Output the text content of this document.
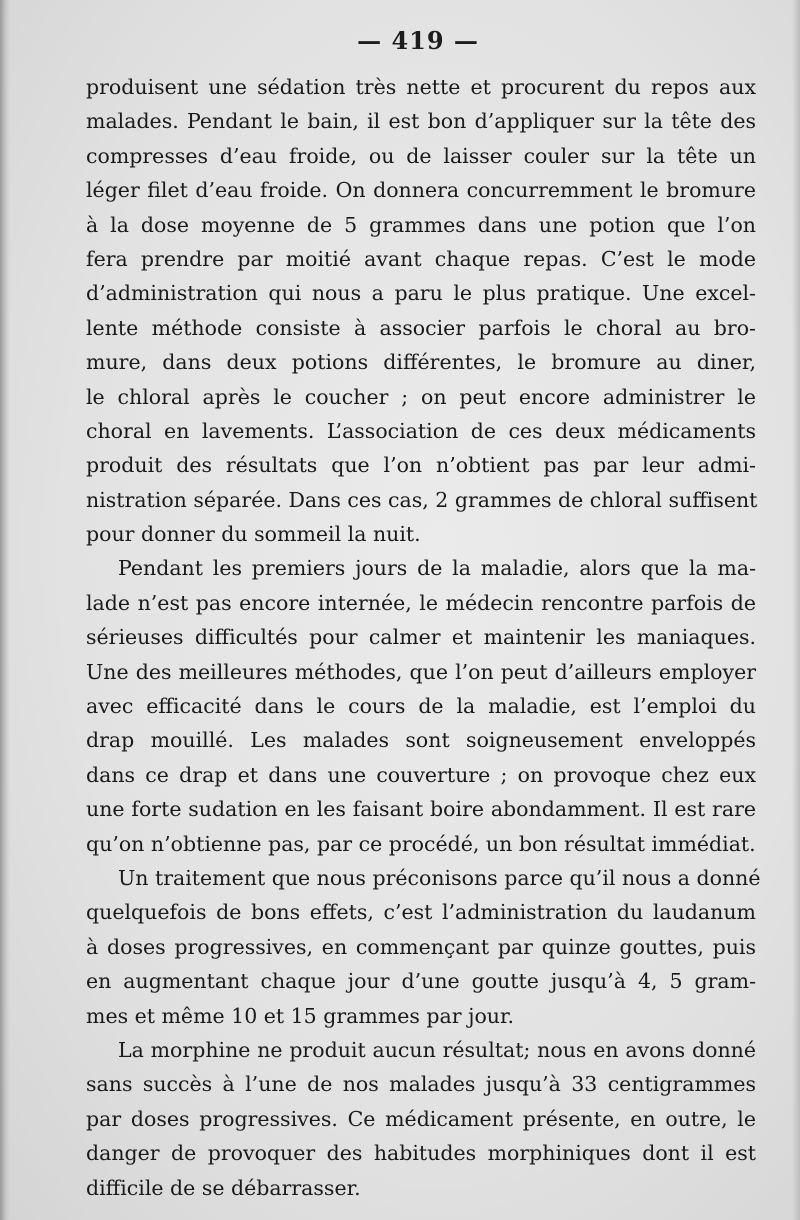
— 419 —
produisent une sédation très nette et procurent du repos aux
malades. Pendant le bain, il est bon d’appliquer sur la tête des
compresses d’eau froide, ou de laisser couler sur la tête un
léger filet d’eau froide. On donnera concurremment le bromure
à la dose moyenne de 5 grammes dans une potion que l’on
fera prendre par moitié avant chaque repas. C’est le mode
d’administration qui nous a paru le plus pratique. Une excel-
lente méthode consiste à associer parfois le choral au bro-
mure, dans deux potions différentes, le bromure au diner,
le chloral après le coucher ; on peut encore administrer le
choral en lavements. L’association de ces deux médicaments
produit des résultats que l’on n’obtient pas par leur admi-
nistration séparée. Dans ces cas, 2 grammes de chloral suffisent
pour donner du sommeil la nuit.
Pendant les premiers jours de la maladie, alors que la ma-
lade n’est pas encore internée, le médecin rencontre parfois de
sérieuses difficultés pour calmer et maintenir les maniaques.
Une des meilleures méthodes, que l’on peut d’ailleurs employer
avec efficacité dans le cours de la maladie, est l’emploi du
drap mouillé. Les malades sont soigneusement enveloppés
dans ce drap et dans une couverture ; on provoque chez eux
une forte sudation en les faisant boire abondamment. Il est rare
qu’on n’obtienne pas, par ce procédé, un bon résultat immédiat.
Un traitement que nous préconisons parce qu’il nous a donné
quelquefois de bons effets, c’est l’administration du laudanum
à doses progressives, en commençant par quinze gouttes, puis
en augmentant chaque jour d’une goutte jusqu’à 4, 5 gram-
mes et même 10 et 15 grammes par jour.
La morphine ne produit aucun résultat; nous en avons donné
sans succès à l’une de nos malades jusqu’à 33 centigrammes
par doses progressives. Ce médicament présente, en outre, le
danger de provoquer des habitudes morphiniques dont il est
difficile de se débarrasser.
